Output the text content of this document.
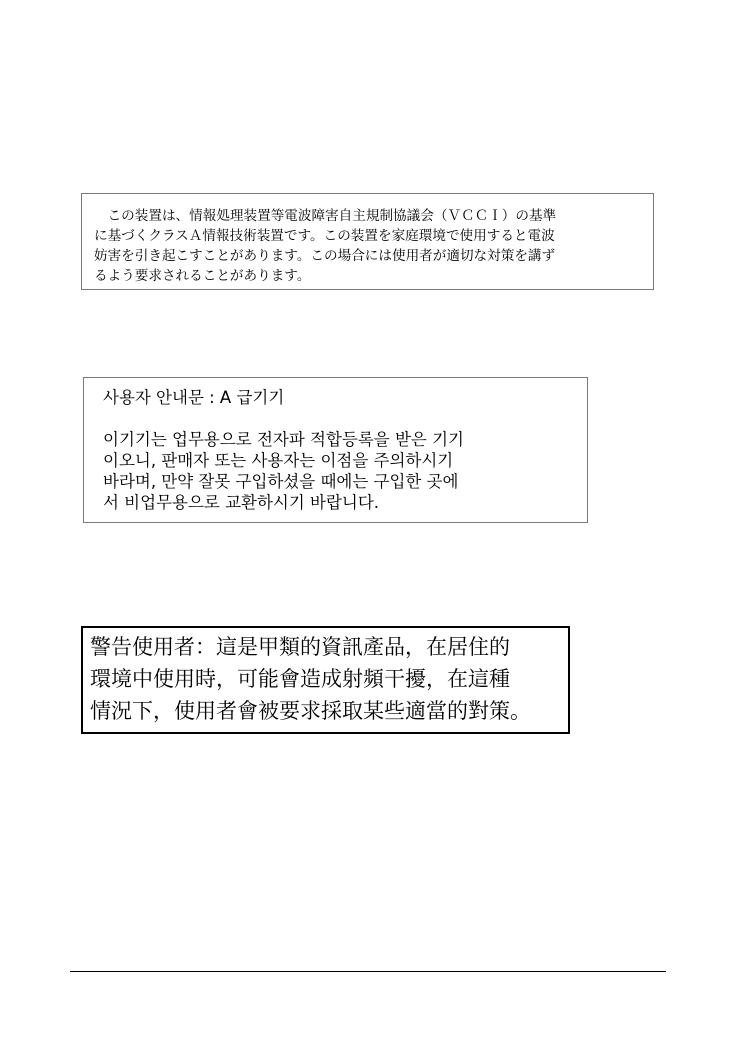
　この装置は、情報処理装置等電波障害自主規制協議会（ＶＣＣＩ）の基準
に基づくクラスＡ情報技術装置です。この装置を家庭環境で使用すると電波
妨害を引き起こすことがあります。この場合には使用者が適切な対策を講ず
るよう要求されることがあります。
사용자 안내문 : A 급기기
이기기는 업무용으로 전자파 적합등록을 받은 기기
이오니, 판매자 또는 사용자는 이점을 주의하시기
바라며, 만약 잘못 구입하셨을 때에는 구입한 곳에
서 비업무용으로 교환하시기 바랍니다.
警告使用者：這是甲類的資訊產品，在居住的
環境中使用時，可能會造成射頻干擾，在這種
情況下，使用者會被要求採取某些適當的對策。
